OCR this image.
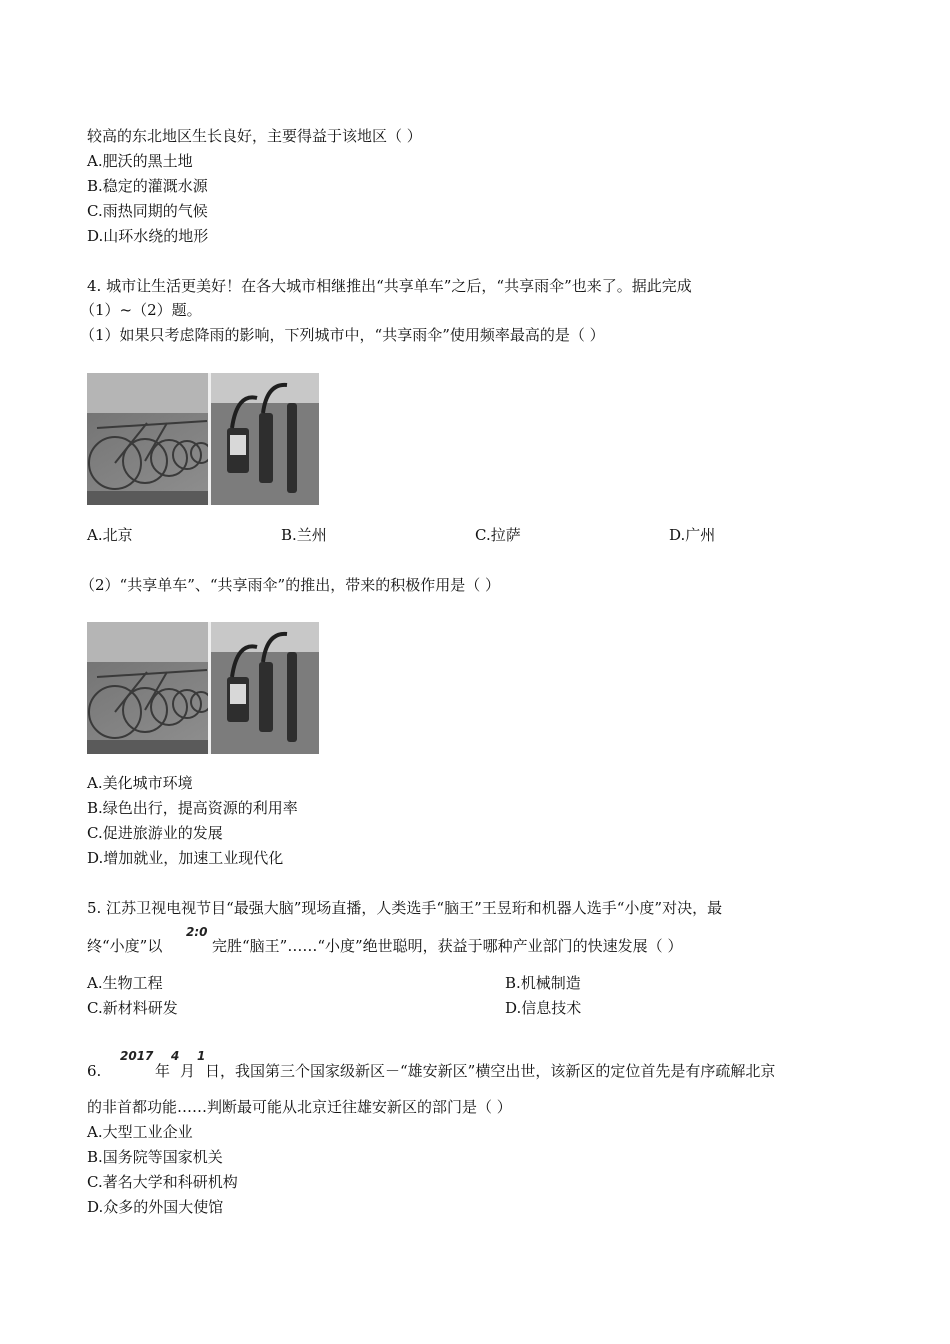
较高的东北地区生长良好，主要得益于该地区（ ）
A.肥沃的黑土地
B.稳定的灌溉水源
C.雨热同期的气候
D.山环水绕的地形
4. 城市让生活更美好！在各大城市相继推出“共享单车”之后，“共享雨伞”也来了。据此完成
（1）~（2）题。
（1）如果只考虑降雨的影响，下列城市中，“共享雨伞”使用频率最高的是（ ）
A.北京	B.兰州	C.拉萨	D.广州
（2）“共享单车”、“共享雨伞”的推出，带来的积极作用是（ ）
A.美化城市环境
B.绿色出行，提高资源的利用率
C.促进旅游业的发展
D.增加就业，加速工业现代化
5. 江苏卫视电视节目“最强大脑”现场直播，人类选手“脑王”王昱珩和机器人选手“小度”对决，最
终“小度”以
2:0
完胜“脑王”……“小度”绝世聪明，获益于哪种产业部门的快速发展（ ）
A.生物工程	B.机械制造
C.新材料研发	D.信息技术
6.
2017
年
4
月
1
日，我国第三个国家级新区－“雄安新区”横空出世，该新区的定位首先是有序疏解北京
的非首都功能……判断最可能从北京迁往雄安新区的部门是（ ）
A.大型工业企业
B.国务院等国家机关
C.著名大学和科研机构
D.众多的外国大使馆
